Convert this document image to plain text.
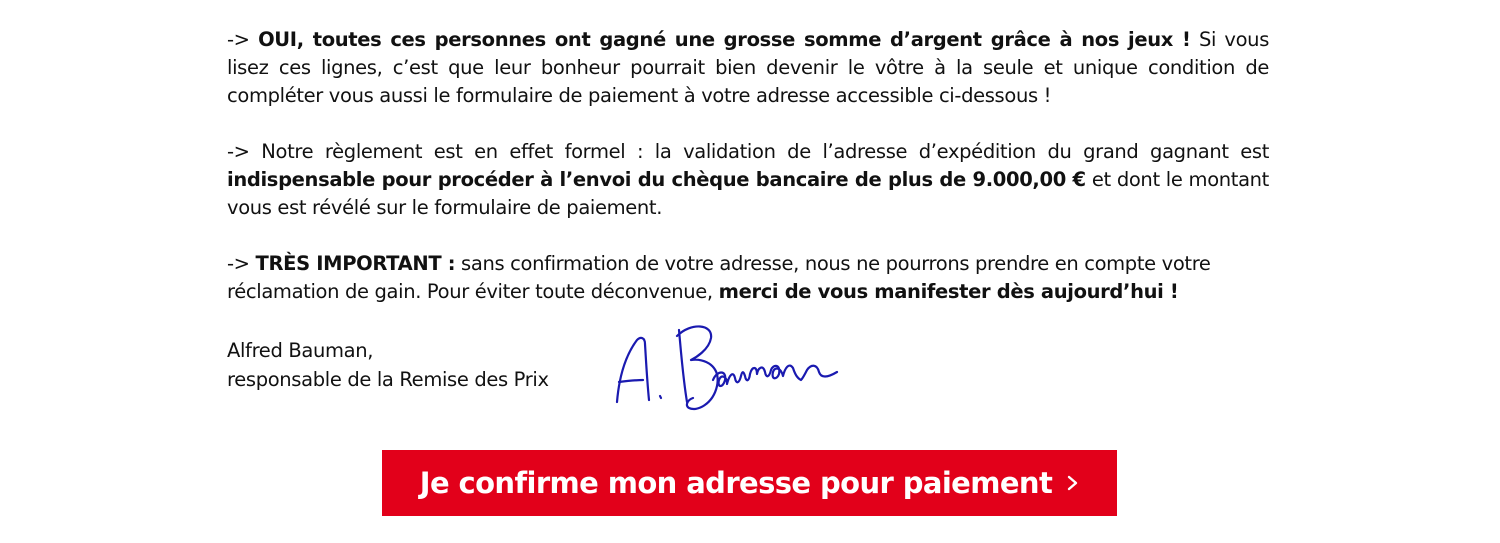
-> OUI, toutes ces personnes ont gagné une grosse somme d’argent grâce à nos jeux ! Si vous lisez ces lignes, c’est que leur bonheur pourrait bien devenir le vôtre à la seule et unique condition de compléter vous aussi le formulaire de paiement à votre adresse accessible ci-dessous !

-> Notre règlement est en effet formel : la validation de l’adresse d’expédition du grand gagnant est indispensable pour procéder à l’envoi du chèque bancaire de plus de 9.000,00 € et dont le montant vous est révélé sur le formulaire de paiement.

-> TRÈS IMPORTANT : sans confirmation de votre adresse, nous ne pourrons prendre en compte votre réclamation de gain. Pour éviter toute déconvenue, merci de vous manifester dès aujourd’hui !

Alfred Bauman,
responsable de la Remise des Prix
Je confirme mon adresse pour paiement
